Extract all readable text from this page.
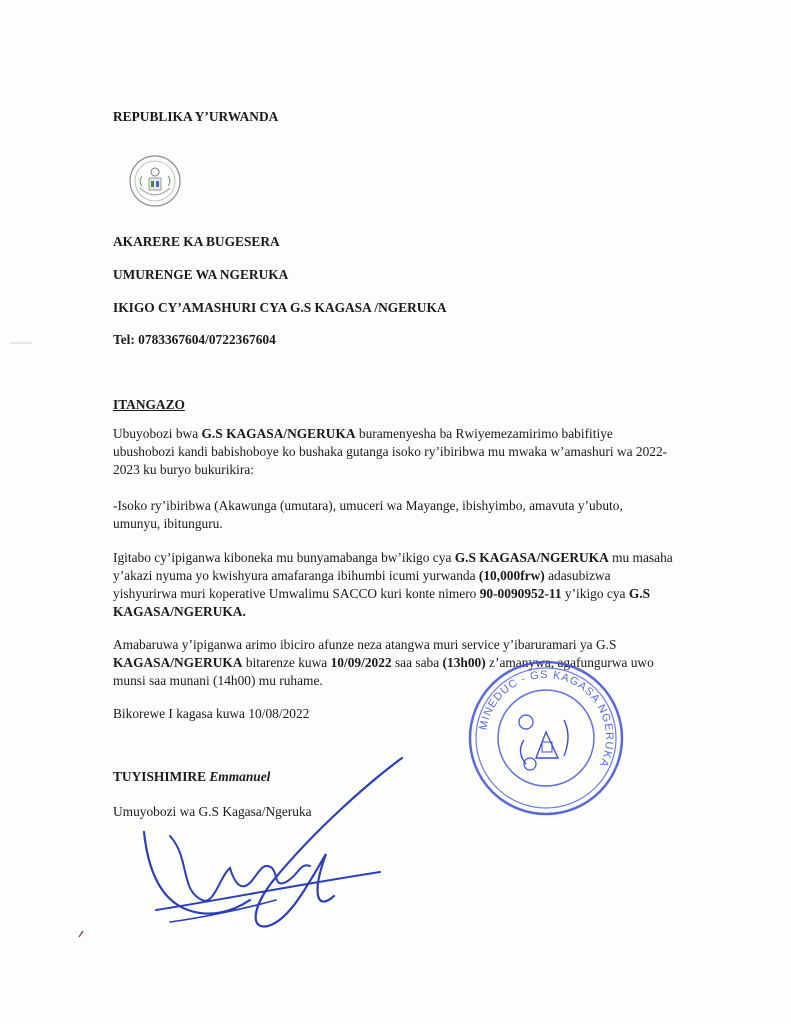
REPUBLIKA Y’URWANDA
AKARERE KA BUGESERA
UMURENGE WA NGERUKA
IKIGO CY’AMASHURI CYA G.S KAGASA /NGERUKA
Tel: 0783367604/0722367604
ITANGAZO
Ubuyobozi bwa G.S KAGASA/NGERUKA buramenyesha ba Rwiyemezamirimo babifitiye ubushobozi kandi babishoboye ko bushaka gutanga isoko ry’ibiribwa mu mwaka w’amashuri wa 2022-2023 ku buryo bukurikira:
-Isoko ry’ibiribwa (Akawunga (umutara), umuceri wa Mayange, ibishyimbo, amavuta y’ubuto, umunyu, ibitunguru.
Igitabo cy’ipiganwa kiboneka mu bunyamabanga bw’ikigo cya G.S KAGASA/NGERUKA mu masaha y’akazi nyuma yo kwishyura amafaranga ibihumbi icumi yurwanda (10,000frw) adasubizwa yishyurirwa muri koperative Umwalimu SACCO kuri konte nimero 90-0090952-11 y’ikigo cya G.S KAGASA/NGERUKA.
Amabaruwa y’ipiganwa arimo ibiciro afunze neza atangwa muri service y’ibaruramari ya G.S KAGASA/NGERUKA bitarenze kuwa 10/09/2022 saa saba (13h00) z’amanywa, agafungurwa uwo munsi saa munani (14h00) mu ruhame.
Bikorewe I kagasa kuwa 10/08/2022
TUYISHIMIRE Emmanuel
Umuyobozi wa G.S Kagasa/Ngeruka
MINEDUC - GS KAGASA NGERUKA
